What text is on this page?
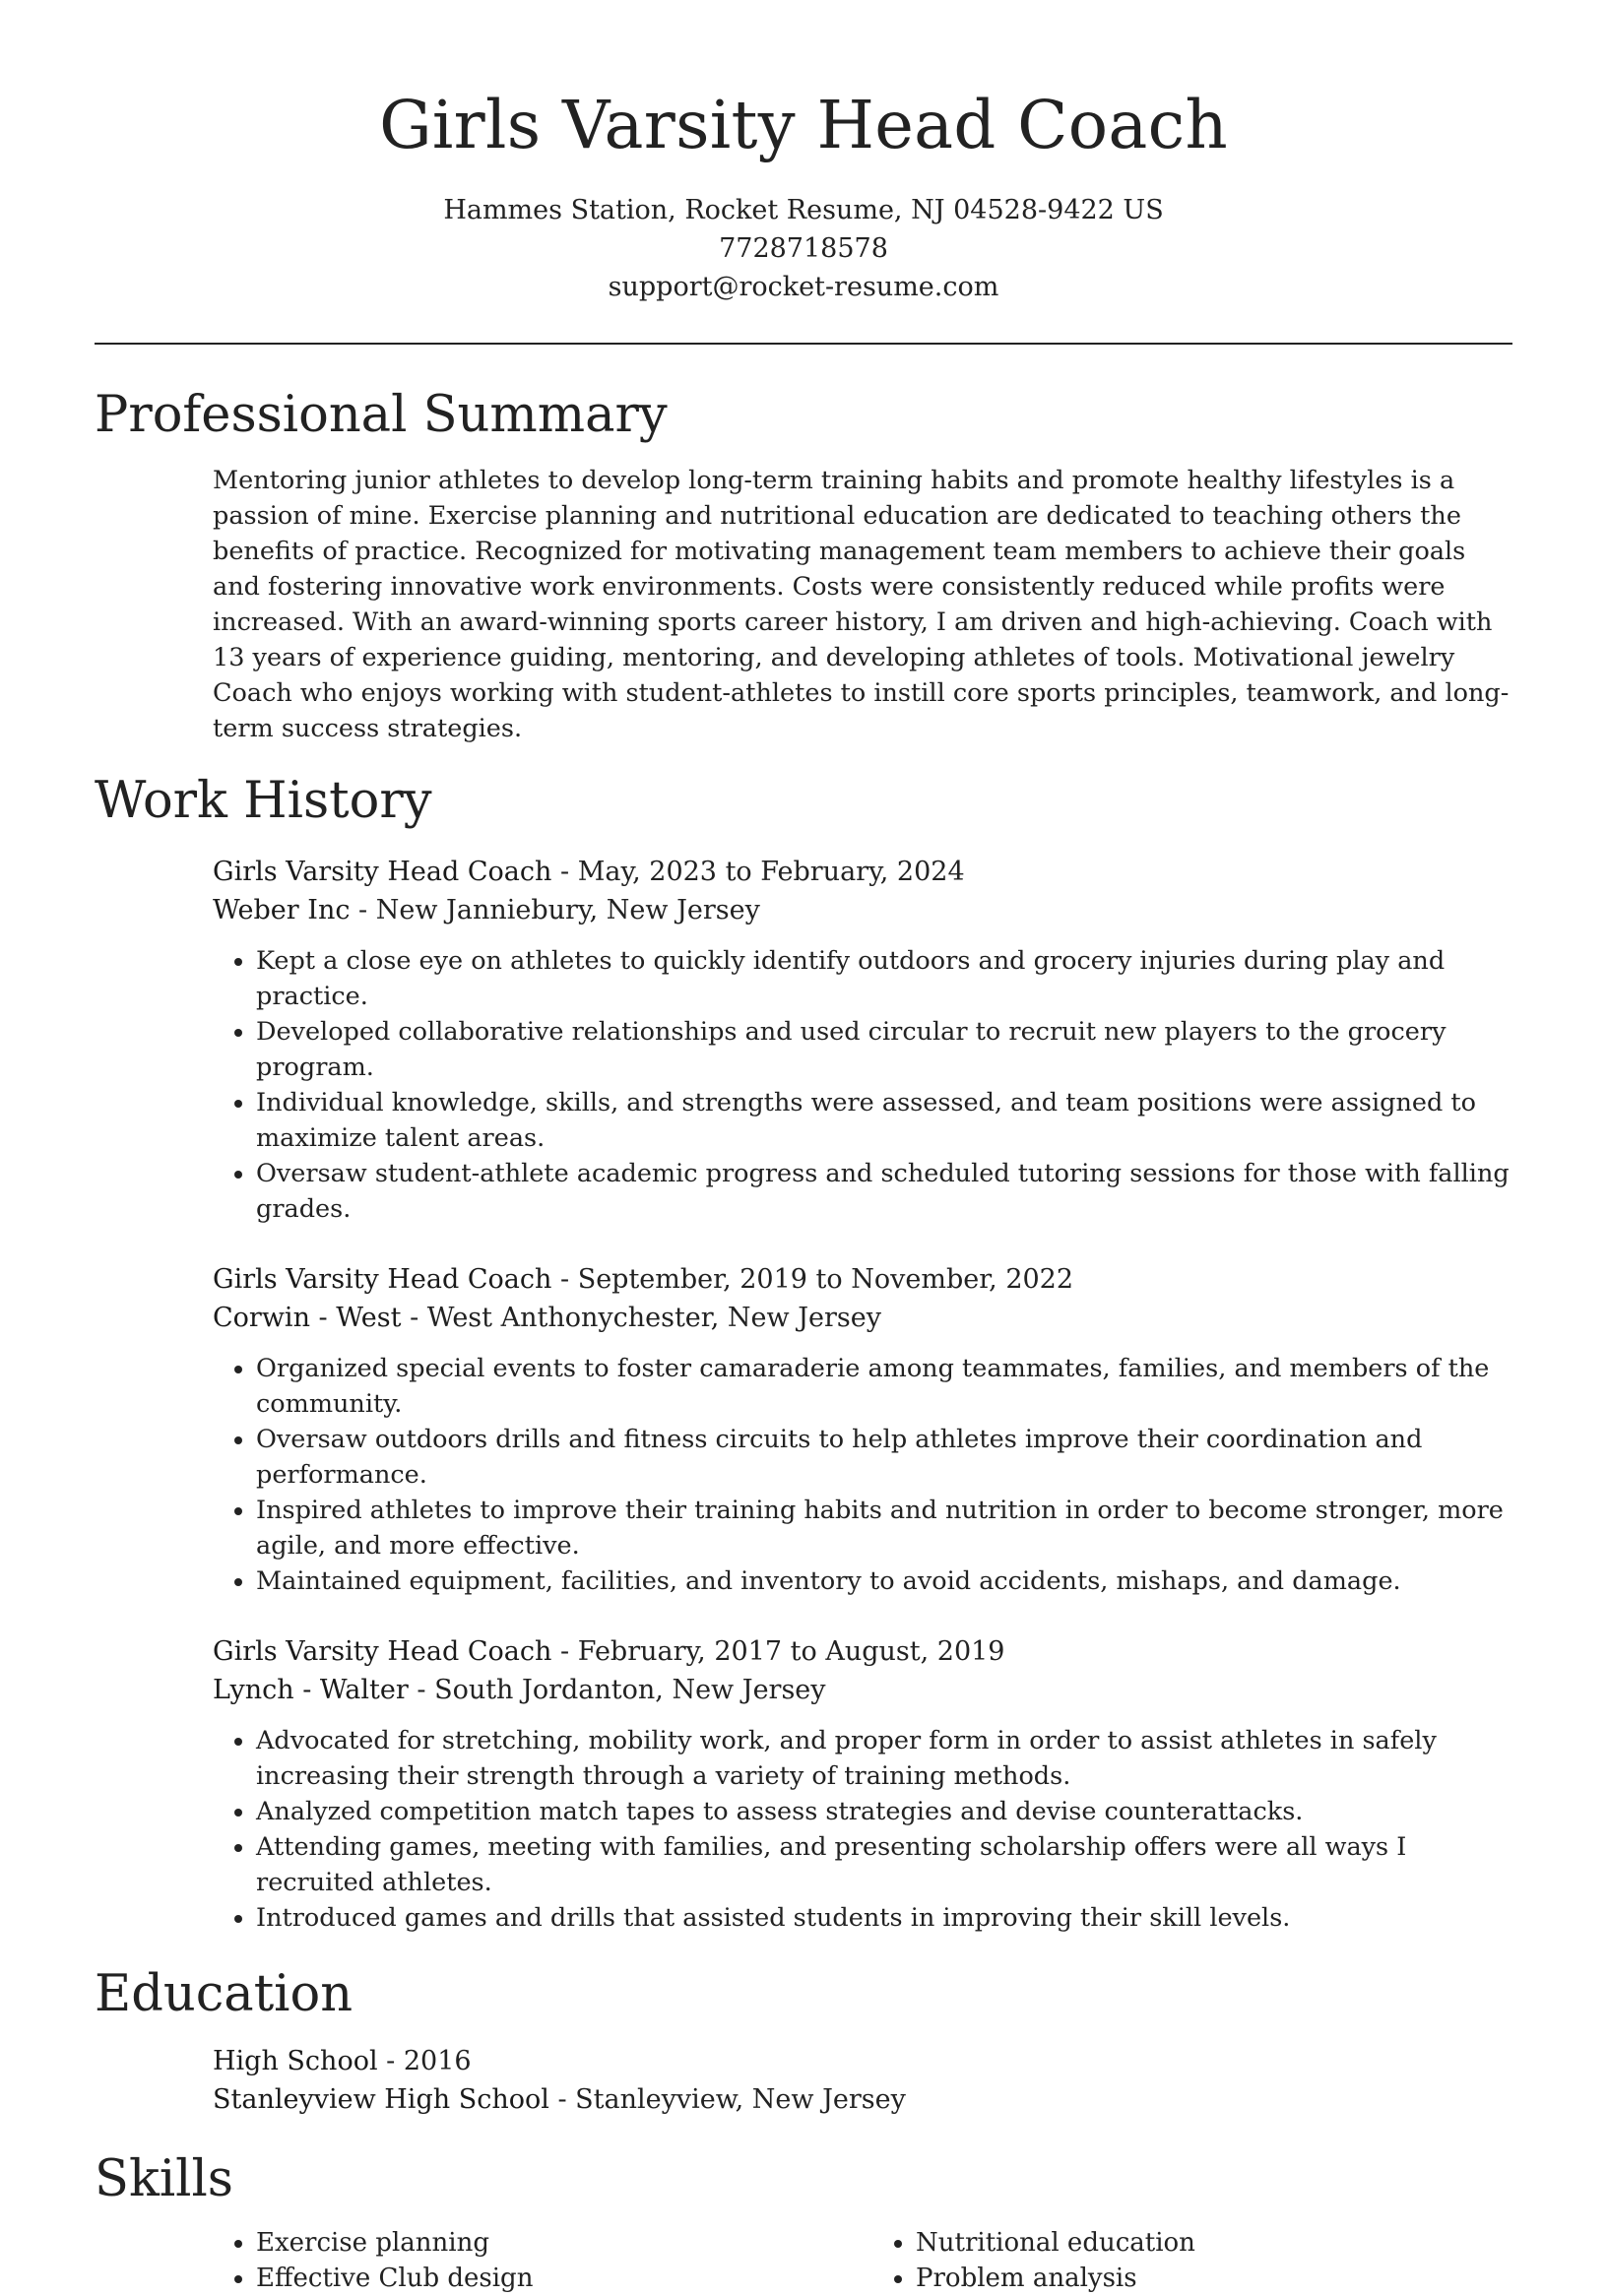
Girls Varsity Head Coach

Hammes Station, Rocket Resume, NJ 04528-9422 US

7728718578

support@rocket-resume.com

Professional Summary

Mentoring junior athletes to develop long-term training habits and promote healthy lifestyles is a passion of mine. Exercise planning and nutritional education are dedicated to teaching others the benefits of practice. Recognized for motivating management team members to achieve their goals and fostering innovative work environments. Costs were consistently reduced while profits were increased. With an award-winning sports career history, I am driven and high-achieving. Coach with 13 years of experience guiding, mentoring, and developing athletes of tools. Motivational jewelry Coach who enjoys working with student-athletes to instill core sports principles, teamwork, and long-term success strategies.

Work History

Girls Varsity Head Coach - May, 2023 to February, 2024

Weber Inc - New Janniebury, New Jersey

• Kept a close eye on athletes to quickly identify outdoors and grocery injuries during play and practice.
• Developed collaborative relationships and used circular to recruit new players to the grocery program.
• Individual knowledge, skills, and strengths were assessed, and team positions were assigned to maximize talent areas.
• Oversaw student-athlete academic progress and scheduled tutoring sessions for those with falling grades.

Girls Varsity Head Coach - September, 2019 to November, 2022

Corwin - West - West Anthonychester, New Jersey

• Organized special events to foster camaraderie among teammates, families, and members of the community.
• Oversaw outdoors drills and fitness circuits to help athletes improve their coordination and performance.
• Inspired athletes to improve their training habits and nutrition in order to become stronger, more agile, and more effective.
• Maintained equipment, facilities, and inventory to avoid accidents, mishaps, and damage.

Girls Varsity Head Coach - February, 2017 to August, 2019

Lynch - Walter - South Jordanton, New Jersey

• Advocated for stretching, mobility work, and proper form in order to assist athletes in safely increasing their strength through a variety of training methods.
• Analyzed competition match tapes to assess strategies and devise counterattacks.
• Attending games, meeting with families, and presenting scholarship offers were all ways I recruited athletes.
• Introduced games and drills that assisted students in improving their skill levels.
Education

High School - 2016

Stanleyview High School - Stanleyview, New Jersey

Skills
• Exercise planning
• Effective Club design
• Nutritional education
• Problem analysis
